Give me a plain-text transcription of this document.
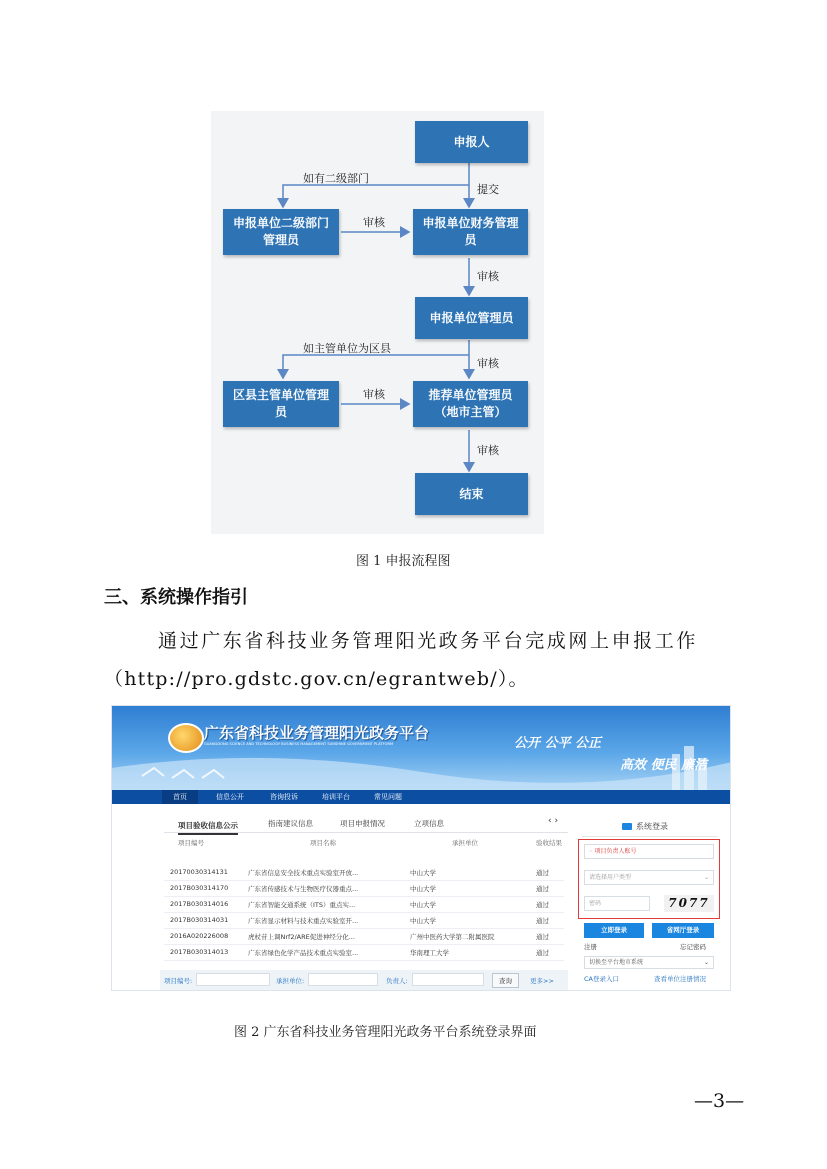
申报人
申报单位二级部门
管理员
申报单位财务管理
员
申报单位管理员
区县主管单位管理
员
推荐单位管理员
（地市主管）
结束
如有二级部门
提交
审核
审核
如主管单位为区县
审核
审核
审核
图 1 申报流程图
三、系统操作指引
通过广东省科技业务管理阳光政务平台完成网上申报工作
（http://pro.gdstc.gov.cn/egrantweb/）。
广东省科技业务管理阳光政务平台
GUANGDONG SCIENCE AND TECHNOLOGY BUSINESS MANAGEMENT SUNSHINE GOVERNMENT PLATFORM	公开 公平 公正
高效 便民 廉洁
首页	信息公开	咨询投诉	培训平台	常见问题
项目验收信息公示	指南建议信息	项目申报情况	立项信息	‹ ›
项目编号	项目名称	承担单位	验收结果
20170030314131	广东省信息安全技术重点实验室开放...	中山大学	通过
2017B030314170	广东省传感技术与生物医疗仪器重点...	中山大学	通过
2017B030314016	广东省智能交通系统（ITS）重点实...	中山大学	通过
2017B030314031	广东省显示材料与技术重点实验室开...	中山大学	通过
2016A020226008	虎杖苷上调Nrf2/ARE促进神经分化...	广州中医药大学第二附属医院	通过
2017B030314013	广东省绿色化学产品技术重点实验室...	华南理工大学	通过
项目编号:	承担单位:	负责人:	查询	更多>>
系统登录
◦ 项目负责人账号
请选择用户类型	⌄
密码	7077
立即登录	省网厅登录
注册	忘记密码
切换至平台地市系统	⌄
CA登录入口	查看单位注册情况
图 2 广东省科技业务管理阳光政务平台系统登录界面
—3—
